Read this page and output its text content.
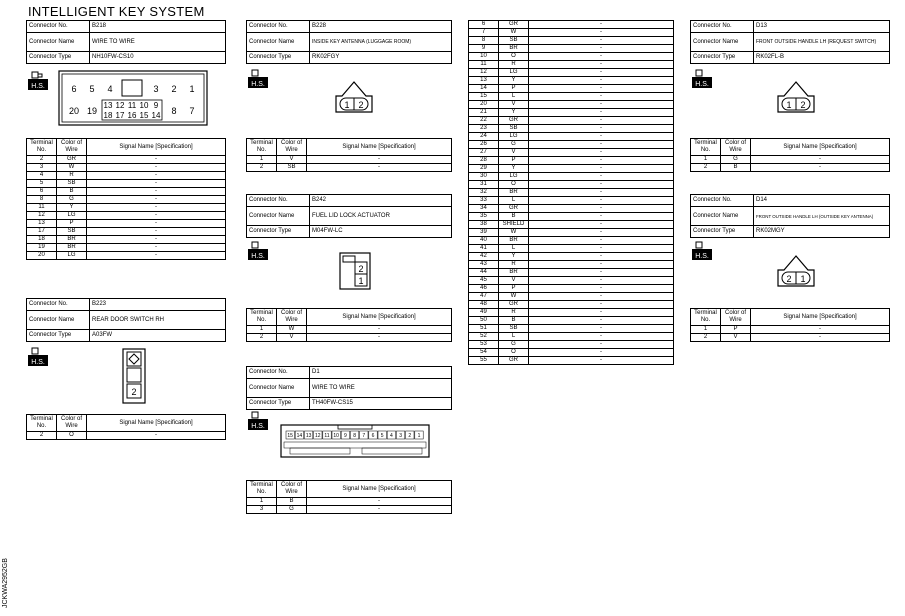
INTELLIGENT KEY SYSTEM
Connector No.	B218
Connector Name	WIRE TO WIRE
Connector Type	NH10FW-CS10
H.S.	6 5 4	3 2 1
20 19	8 7
13 12 11 10 9
18 17 16 15 14
Terminal No.	Color of Wire	Signal Name [Specification]
2	GR	-
3	W	-
4	R	-
5	SB	-
6	B	-
8	G	-
11	Y	-
12	LG	-
13	P	-
17	SB	-
18	BR	-
19	BR	-
20	LG	-
Connector No.	B223
Connector Name	REAR DOOR SWITCH RH
Connector Type	A03FW
H.S.
2
Terminal No.	Color of Wire	Signal Name [Specification]
2	O	-
Connector No.	B228
Connector Name	INSIDE KEY ANTENNA (LUGGAGE ROOM)
Connector Type	RK02FGY
H.S.
1 2
Terminal No.	Color of Wire	Signal Name [Specification]
1	V	-
2	SB	-
Connector No.	B242
Connector Name	FUEL LID LOCK ACTUATOR
Connector Type	M04FW-LC
H.S.
2
1
Terminal No.	Color of Wire	Signal Name [Specification]
1	W	-
2	V	-
Connector No.	D1
Connector Name	WIRE TO WIRE
Connector Type	TH40FW-CS15
H.S.
15 14 13 12 11 10 9 8 7 6 5 4 3 2 1
Terminal No.	Color of Wire	Signal Name [Specification]
1	B	-
3	G	-
6	GR	-
7	W	-
8	SB	-
9	BR	-
10	O	-
11	R	-
12	LG	-
13	Y	-
14	P	-
15	L	-
20	V	-
21	Y	-
22	GR	-
23	SB	-
24	LG	-
26	G	-
27	V	-
28	P	-
29	Y	-
30	LG	-
31	O	-
32	BR	-
33	L	-
34	GR	-
35	B	-
38	SHIELD	-
39	W	-
40	BR	-
41	L	-
42	Y	-
43	R	-
44	BR	-
45	V	-
46	P	-
47	W	-
48	GR	-
49	R	-
50	B	-
51	SB	-
52	L	-
53	G	-
54	O	-
55	GR	-
Connector No.	D13
Connector Name	FRONT OUTSIDE HANDLE LH (REQUEST SWITCH)
Connector Type	RK02FL-B
H.S.
1 2
Terminal No.	Color of Wire	Signal Name [Specification]
1	G	-
2	B	-
Connector No.	D14
Connector Name	FRONT OUTSIDE HANDLE LH (OUTSIDE KEY ANTENNA)
Connector Type	RK02MGY
H.S.
2 1
Terminal No.	Color of Wire	Signal Name [Specification]
1	P	-
2	V	-
JCKWA2952GB
